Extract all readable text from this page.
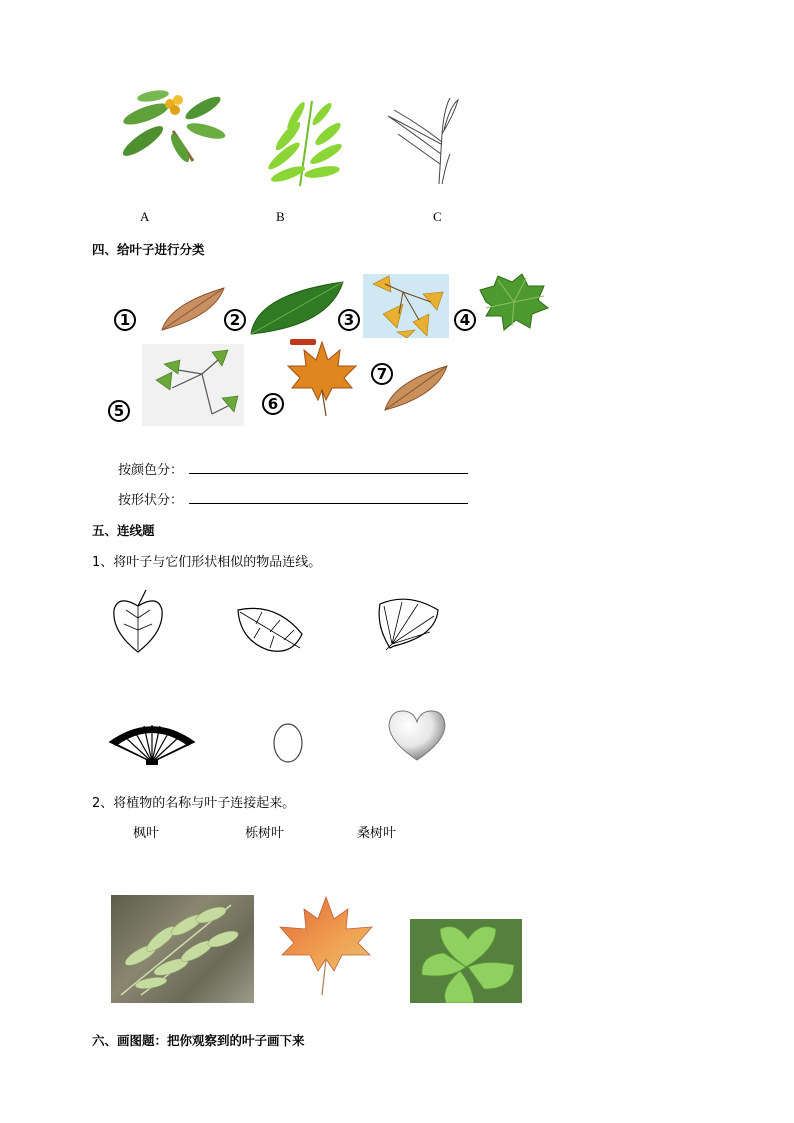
A	B	C
四、给叶子进行分类
1	2	3	4
5	6
7
按颜色分：
按形状分：
五、连线题
1、将叶子与它们形状相似的物品连线。
2、将植物的名称与叶子连接起来。
枫叶	栎树叶	桑树叶
六、画图题：把你观察到的叶子画下来
